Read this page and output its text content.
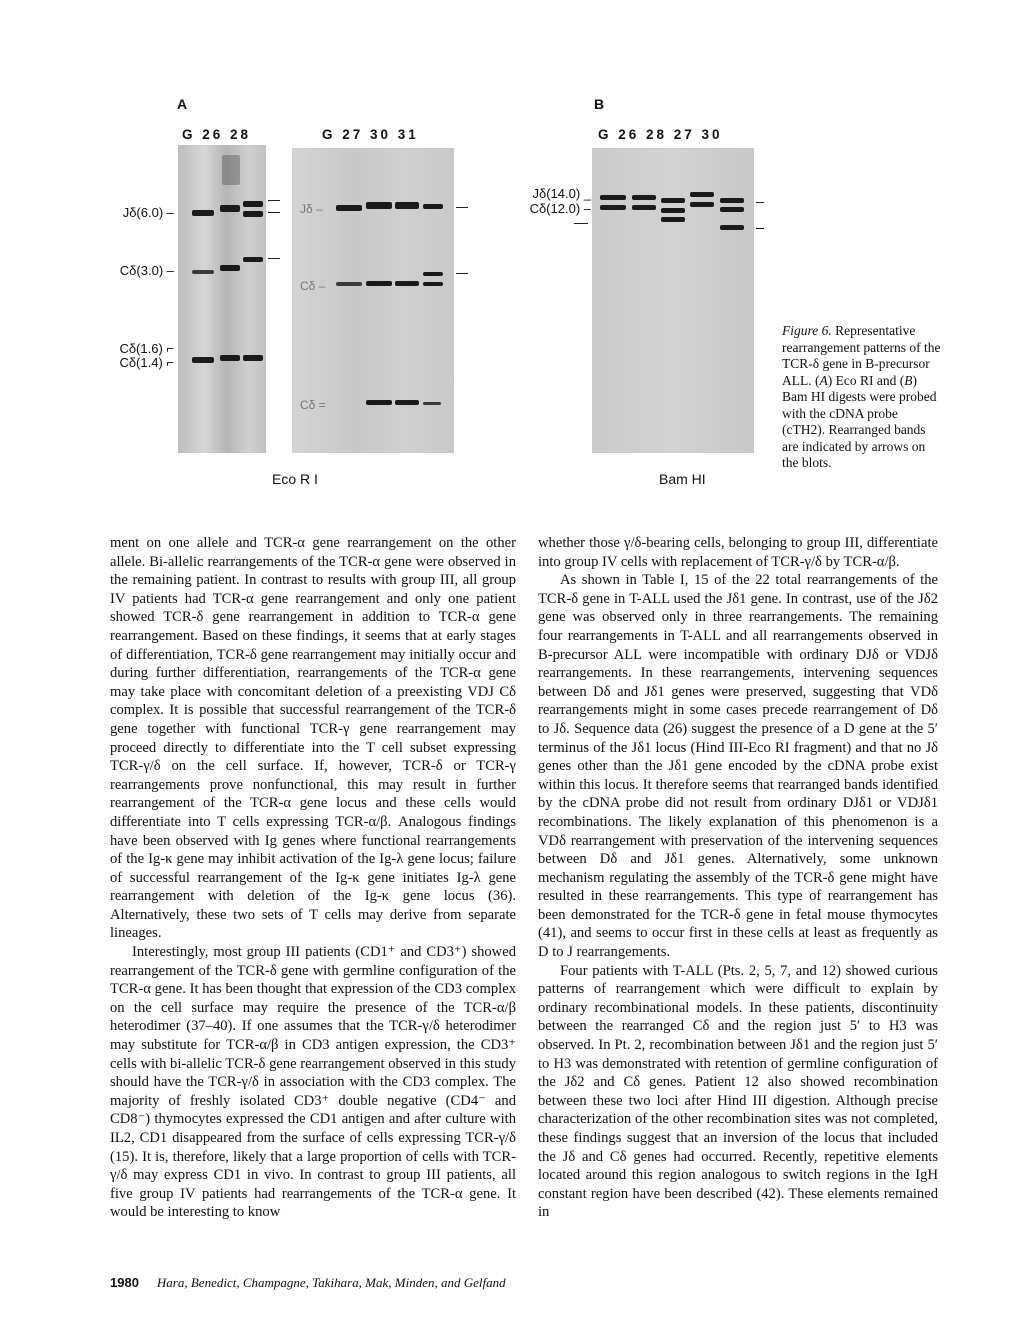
A
G 26 28	G 27 30 31
Jδ(6.0) –
Cδ(3.0) –
Cδ(1.6) ⌐
Cδ(1.4) ⌐
Jδ –
Cδ –
Cδ =
Eco R I
B
G 26 28 27 30
Jδ(14.0) _
Cδ(12.0) –
Bam HI
Figure 6. Representative rearrangement patterns of the TCR-δ gene in B-precursor ALL. (A) Eco RI and (B) Bam HI digests were probed with the cDNA probe (cTH2). Rearranged bands are indicated by arrows on the blots.

ment on one allele and TCR-α gene rearrangement on the other allele. Bi-allelic rearrangements of the TCR-α gene were observed in the remaining patient. In contrast to results with group III, all group IV patients had TCR-α gene rearrangement and only one patient showed TCR-δ gene rearrangement in addition to TCR-α gene rearrangement. Based on these findings, it seems that at early stages of differentiation, TCR-δ gene rearrangement may initially occur and during further differentiation, rearrangements of the TCR-α gene may take place with concomitant deletion of a preexisting VDJ Cδ complex. It is possible that successful rearrangement of the TCR-δ gene together with functional TCR-γ gene rearrangement may proceed directly to differentiate into the T cell subset expressing TCR-γ/δ on the cell surface. If, however, TCR-δ or TCR-γ rearrangements prove nonfunctional, this may result in further rearrangement of the TCR-α gene locus and these cells would differentiate into T cells expressing TCR-α/β. Analogous findings have been observed with Ig genes where functional rearrangements of the Ig-κ gene may inhibit activation of the Ig-λ gene locus; failure of successful rearrangement of the Ig-κ gene initiates Ig-λ gene rearrangement with deletion of the Ig-κ gene locus (36). Alternatively, these two sets of T cells may derive from separate lineages.

Interestingly, most group III patients (CD1⁺ and CD3⁺) showed rearrangement of the TCR-δ gene with germline configuration of the TCR-α gene. It has been thought that expression of the CD3 complex on the cell surface may require the presence of the TCR-α/β heterodimer (37–40). If one assumes that the TCR-γ/δ heterodimer may substitute for TCR-α/β in CD3 antigen expression, the CD3⁺ cells with bi-allelic TCR-δ gene rearrangement observed in this study should have the TCR-γ/δ in association with the CD3 complex. The majority of freshly isolated CD3⁺ double negative (CD4⁻ and CD8⁻) thymocytes expressed the CD1 antigen and after culture with IL2, CD1 disappeared from the surface of cells expressing TCR-γ/δ (15). It is, therefore, likely that a large proportion of cells with TCR-γ/δ may express CD1 in vivo. In contrast to group III patients, all five group IV patients had rearrangements of the TCR-α gene. It would be interesting to know

whether those γ/δ-bearing cells, belonging to group III, differentiate into group IV cells with replacement of TCR-γ/δ by TCR-α/β.

As shown in Table I, 15 of the 22 total rearrangements of the TCR-δ gene in T-ALL used the Jδ1 gene. In contrast, use of the Jδ2 gene was observed only in three rearrangements. The remaining four rearrangements in T-ALL and all rearrangements observed in B-precursor ALL were incompatible with ordinary DJδ or VDJδ rearrangements. In these rearrangements, intervening sequences between Dδ and Jδ1 genes were preserved, suggesting that VDδ rearrangements might in some cases precede rearrangement of Dδ to Jδ. Sequence data (26) suggest the presence of a D gene at the 5′ terminus of the Jδ1 locus (Hind III-Eco RI fragment) and that no Jδ genes other than the Jδ1 gene encoded by the cDNA probe exist within this locus. It therefore seems that rearranged bands identified by the cDNA probe did not result from ordinary DJδ1 or VDJδ1 recombinations. The likely explanation of this phenomenon is a VDδ rearrangement with preservation of the intervening sequences between Dδ and Jδ1 genes. Alternatively, some unknown mechanism regulating the assembly of the TCR-δ gene might have resulted in these rearrangements. This type of rearrangement has been demonstrated for the TCR-δ gene in fetal mouse thymocytes (41), and seems to occur first in these cells at least as frequently as D to J rearrangements.

Four patients with T-ALL (Pts. 2, 5, 7, and 12) showed curious patterns of rearrangement which were difficult to explain by ordinary recombinational models. In these patients, discontinuity between the rearranged Cδ and the region just 5′ to H3 was observed. In Pt. 2, recombination between Jδ1 and the region just 5′ to H3 was demonstrated with retention of germline configuration of the Jδ2 and Cδ genes. Patient 12 also showed recombination between these two loci after Hind III digestion. Although precise characterization of the other recombination sites was not completed, these findings suggest that an inversion of the locus that included the Jδ and Cδ genes had occurred. Recently, repetitive elements located around this region analogous to switch regions in the IgH constant region have been described (42). These elements remained in

1980 Hara, Benedict, Champagne, Takihara, Mak, Minden, and Gelfand
